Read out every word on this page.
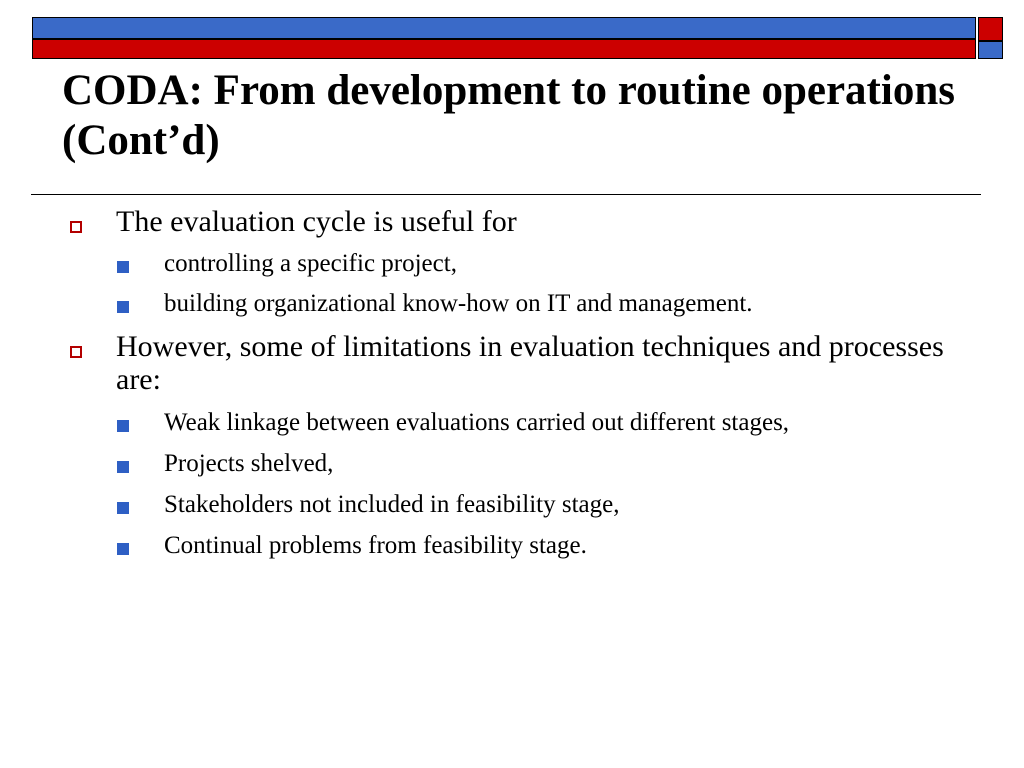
CODA: From development to routine operations (Cont’d)
The evaluation cycle is useful for
controlling a specific project,
building organizational know-how on IT and management.
However, some of limitations in evaluation techniques and processes are:
Weak linkage between evaluations carried out different stages,
Projects shelved,
Stakeholders not included in feasibility stage,
Continual problems from feasibility stage.
